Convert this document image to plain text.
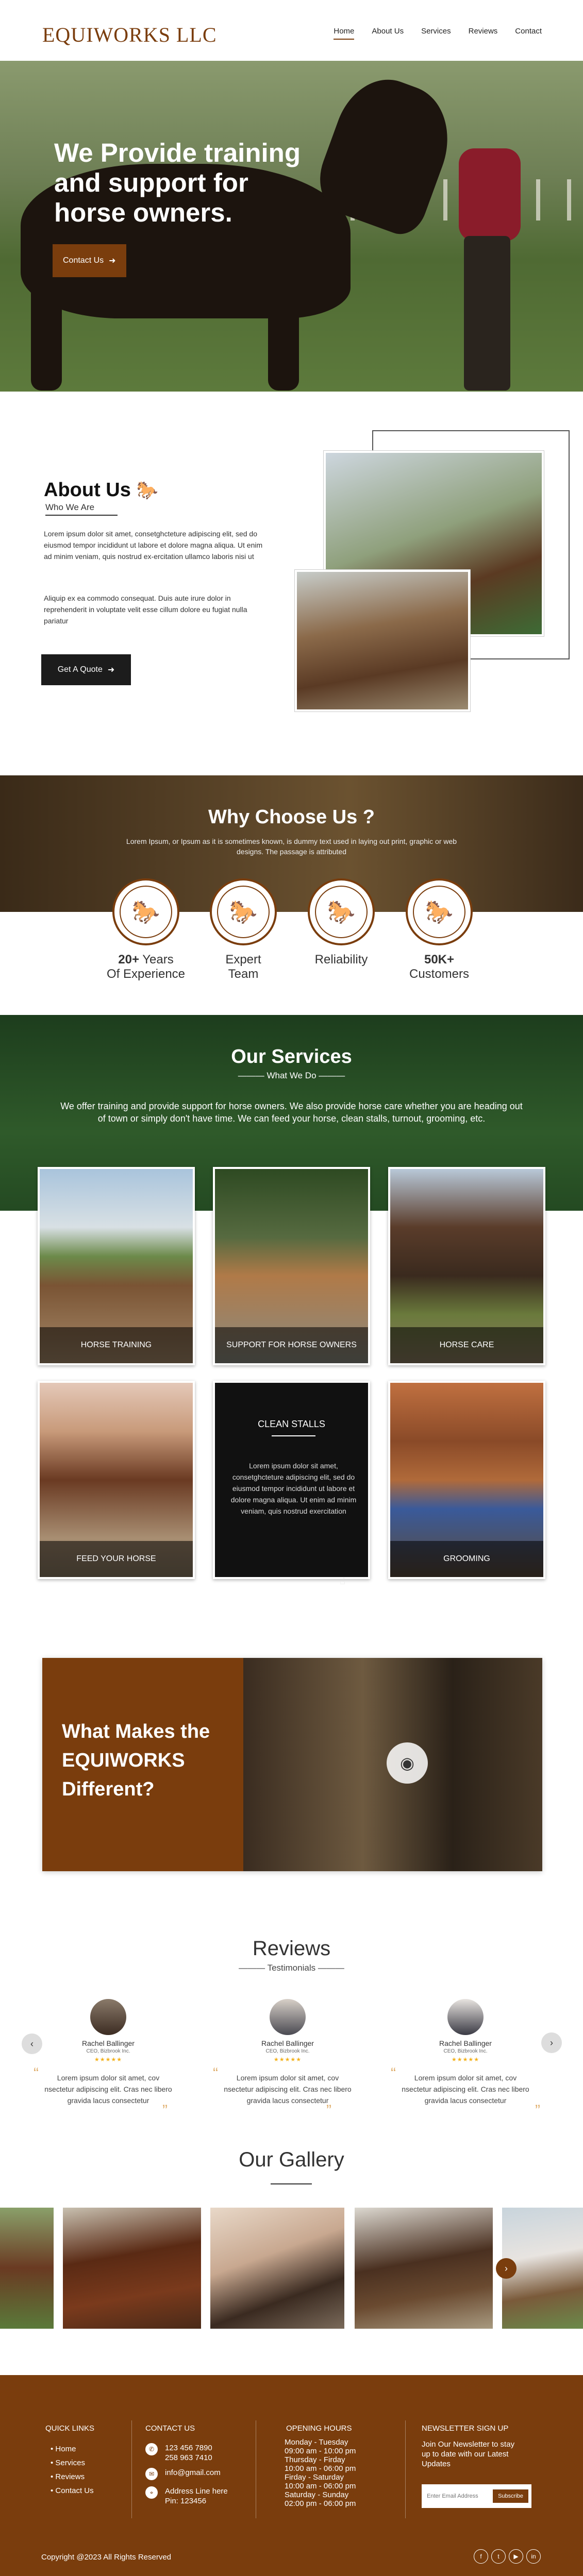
EQUIWORKS LLC	Home About Us Services Reviews Contact
We Provide training and support for horse owners.
Contact Us ➜
About Us 🐎
Who We Are
Lorem ipsum dolor sit amet, consetghcteture adipiscing elit, sed do eiusmod tempor incididunt ut labore et dolore magna aliqua. Ut enim ad minim veniam, quis nostrud ex-ercitation ullamco laboris nisi ut
Aliquip ex ea commodo consequat. Duis aute irure dolor in reprehenderit in voluptate velit esse cillum dolore eu fugiat nulla pariatur
Get A Quote ➜
Why Choose Us ?

Lorem Ipsum, or Ipsum as it is sometimes known, is dummy text used in laying out print, graphic or web designs. The passage is attributed

🐎
20+ Years
Of Experience
🐎
Expert
Team
🐎
Reliability
🐎
50K+
Customers
Our Services
——— What We Do ———
We offer training and provide support for horse owners. We also provide horse care whether you are heading out of town or simply don't have time. We can feed your horse, clean stalls, turnout, grooming, etc.
HORSE TRAINING	SUPPORT FOR HORSE OWNERS	HORSE CARE
FEED YOUR HORSE
CLEAN STALLS
Lorem ipsum dolor sit amet, consetghcteture adipiscing elit, sed do eiusmod tempor incididunt ut labore et dolore magna aliqua. Ut enim ad minim veniam, quis nostrud exercitation
☝
GROOMING
What Makes the EQUIWORKS Different?
◉
Reviews
——— Testimonials ———
‹	›
Rachel Ballinger
CEO, Bizbrook Inc.
★★★★★
“	Lorem ipsum dolor sit amet, cov nsectetur adipiscing elit. Cras nec libero gravida lacus consectetur
”
Rachel Ballinger
CEO, Bizbrook Inc.
★★★★★
“	Lorem ipsum dolor sit amet, cov nsectetur adipiscing elit. Cras nec libero gravida lacus consectetur
”
Rachel Ballinger
CEO, Bizbrook Inc.
★★★★★
“	Lorem ipsum dolor sit amet, cov nsectetur adipiscing elit. Cras nec libero gravida lacus consectetur
”
Our Gallery
›
QUICK LINKS
• Home
• Services
• Reviews
• Contact Us
CONTACT US
✆	123 456 7890
258 963 7410
✉	info@gmail.com
⌖	Address Line here
Pin: 123456
OPENING HOURS
Monday - Tuesday
09:00 am - 10:00 pm
Thursday - Firday
10:00 am - 06:00 pm
Firday - Saturday
10:00 am - 06:00 pm
Saturday - Sunday
02:00 pm - 06:00 pm
NEWSLETTER SIGN UP
Join Our Newsletter to stay up to date with our Latest Updates
Enter Email Address
Subscribe
Copyright @2023 All Rights Reserved	f	t	▶	in
